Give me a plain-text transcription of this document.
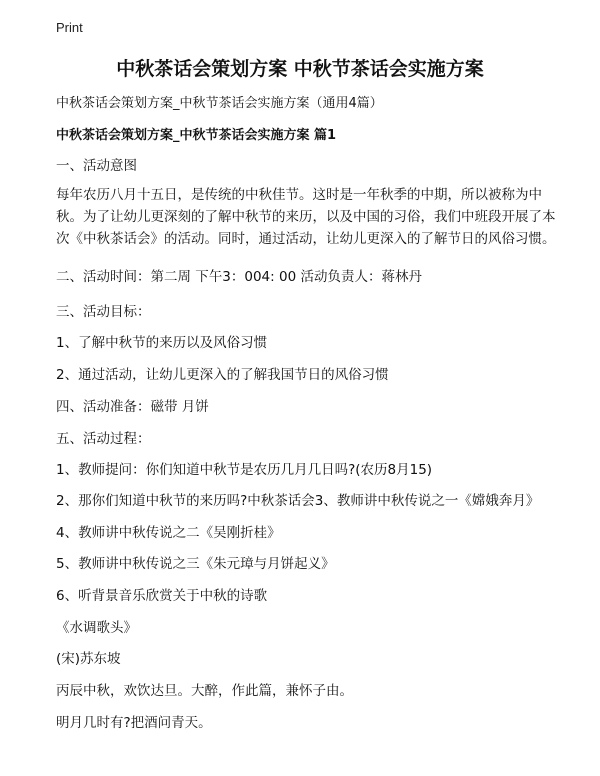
Print
中秋茶话会策划方案 中秋节茶话会实施方案
中秋茶话会策划方案_中秋节茶话会实施方案（通用4篇）
中秋茶话会策划方案_中秋节茶话会实施方案 篇1
一、活动意图
每年农历八月十五日，是传统的中秋佳节。这时是一年秋季的中期，所以被称为中秋。为了让幼儿更深刻的了解中秋节的来历，以及中国的习俗，我们中班段开展了本次《中秋茶话会》的活动。同时，通过活动，让幼儿更深入的了解节日的风俗习惯。
二、活动时间：第二周 下午3：004: 00 活动负责人：蒋林丹
三、活动目标：
1、了解中秋节的来历以及风俗习惯
2、通过活动，让幼儿更深入的了解我国节日的风俗习惯
四、活动准备：磁带 月饼
五、活动过程：
1、教师提问：你们知道中秋节是农历几月几日吗?(农历8月15)
2、那你们知道中秋节的来历吗?中秋茶话会3、教师讲中秋传说之一《嫦娥奔月》
4、教师讲中秋传说之二《吴刚折桂》
5、教师讲中秋传说之三《朱元璋与月饼起义》
6、听背景音乐欣赏关于中秋的诗歌
《水调歌头》
(宋)苏东坡
丙辰中秋，欢饮达旦。大醉，作此篇，兼怀子由。
明月几时有?把酒问青天。
